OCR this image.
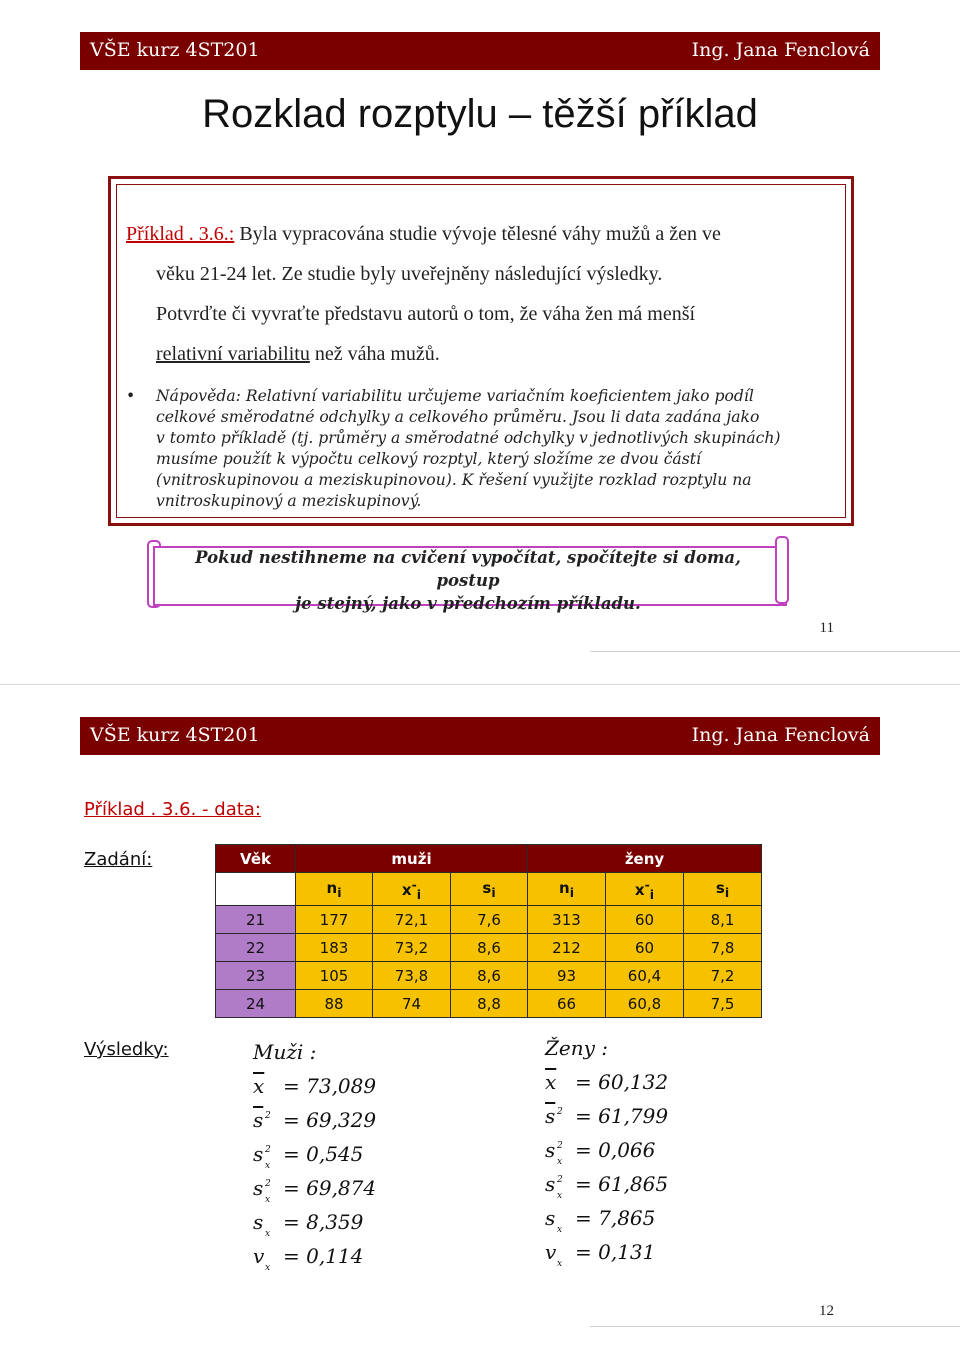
VŠE kurz 4ST201	Ing. Jana Fenclová
Rozklad rozptylu – těžší příklad
Příklad . 3.6.: Byla vypracována studie vývoje tělesné váhy mužů a žen ve
věku 21-24 let. Ze studie byly uveřejněny následující výsledky.
Potvrďte či vyvraťte představu autorů o tom, že váha žen má menší
relativní variabilitu než váha mužů.
•	Nápověda: Relativní variabilitu určujeme variačním koeficientem jako podíl
celkové směrodatné odchylky a celkového průměru. Jsou li data zadána jako
v tomto příkladě (tj. průměry a směrodatné odchylky v jednotlivých skupinách)
musíme použít k výpočtu celkový rozptyl, který složíme ze dvou částí
(vnitroskupinovou a meziskupinovou). K řešení využijte rozklad rozptylu na
vnitroskupinový a meziskupinový.
Pokud nestihneme na cvičení vypočítat, spočítejte si doma, postup
je stejný, jako v předchozím příkladu.
11
VŠE kurz 4ST201	Ing. Jana Fenclová
Příklad . 3.6. - data:
Zadání:	Věk	muži			ženy		
	$n_i$	$x^-_i$	$s_i$	$n_i$	$x^-_i$	$s_i$
21	177	72,1	7,6	313	60	8,1
22	183	73,2	8,6	212	60	7,8
23	105	73,8	8,6	93	60,4	7,2
24	88	74	8,8	66	60,8	7,5
Výsledky:	Muži :
$\overline{x} = 73,089$
$\overline{s}$ 2 = 69,329
s 2
x = 0,545
s 2
x = 69,874
s x = 8,359
v x = 0,114
Ženy :
$\overline{x} = 60,132$
$\overline{s}$ 2 = 61,799
s 2
x = 0,066
s 2
x = 61,865
s x = 7,865
v x = 0,131
12
